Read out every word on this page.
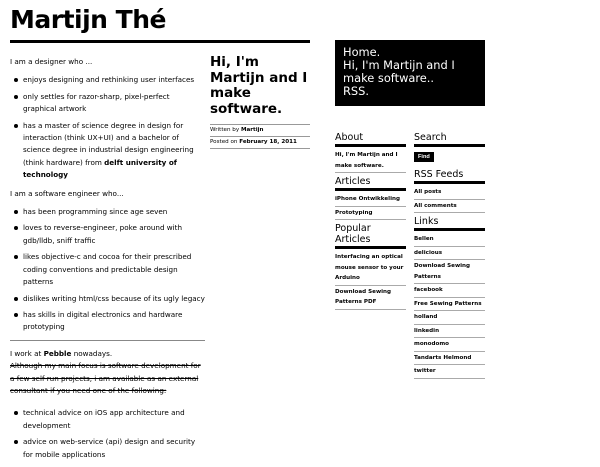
Martijn Thé

I am a designer who ...

enjoys designing and rethinking user interfaces
only settles for razor-sharp, pixel-perfect graphical artwork
has a master of science degree in design for interaction (think UX+UI) and a bachelor of science degree in industrial design engineering (think hardware) from delft university of technology

I am a software engineer who...

has been programming since age seven
loves to reverse-engineer, poke around with gdb/lldb, sniff traffic
likes objective-c and cocoa for their prescribed coding conventions and predictable design patterns
dislikes writing html/css because of its ugly legacy
has skills in digital electronics and hardware prototyping

I work at Pebble nowadays.

Although my main focus is software development for a few self-run projects, i am available as an external consultant if you need one of the following:

technical advice on iOS app architecture and development
advice on web-service (api) design and security for mobile applications
Hi, I'm Martijn and I make software.
Written by Martijn
Posted on February 18, 2011
Home.
Hi, I'm Martijn and I make software..
RSS.
About
Hi, I'm Martijn and I make software.
Articles
iPhone Ontwikkeling
Prototyping
Popular Articles
Interfacing an optical mouse sensor to your Arduino
Download Sewing Patterns PDF
Search
Find
RSS Feeds
All posts
All comments
Links
Bellen
delicious
Download Sewing Patterns
facebook
Free Sewing Patterns
holland
linkedin
monodomo
Tandarts Helmond
twitter
